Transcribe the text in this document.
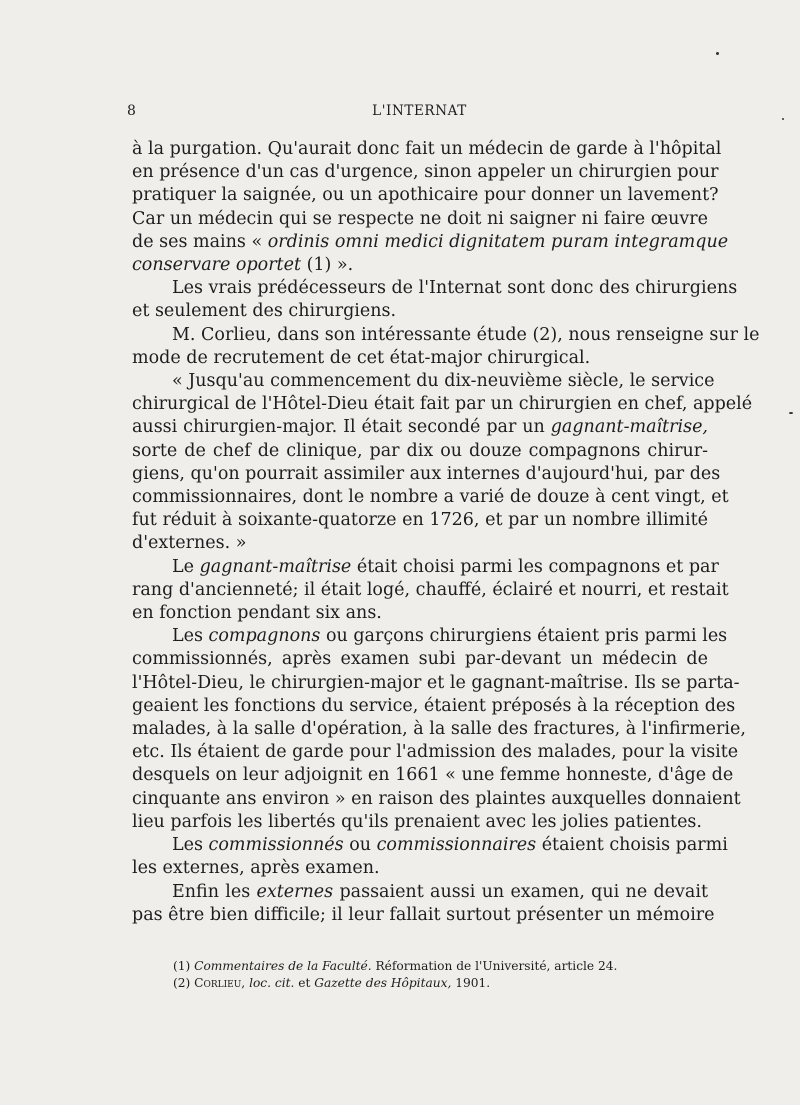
8	L'INTERNAT
à la purgation. Qu'aurait donc fait un médecin de garde à l'hôpital
en présence d'un cas d'urgence, sinon appeler un chirurgien pour
pratiquer la saignée, ou un apothicaire pour donner un lavement?
Car un médecin qui se respecte ne doit ni saigner ni faire œuvre
de ses mains « ordinis omni medici dignitatem puram integramque
conservare oportet (1) ».
Les vrais prédécesseurs de l'Internat sont donc des chirurgiens
et seulement des chirurgiens.
M. Corlieu, dans son intéressante étude (2), nous renseigne sur le
mode de recrutement de cet état-major chirurgical.
« Jusqu'au commencement du dix-neuvième siècle, le service
chirurgical de l'Hôtel-Dieu était fait par un chirurgien en chef, appelé
aussi chirurgien-major. Il était secondé par un gagnant-maîtrise,
sorte de chef de clinique, par dix ou douze compagnons chirur-
giens, qu'on pourrait assimiler aux internes d'aujourd'hui, par des
commissionnaires, dont le nombre a varié de douze à cent vingt, et
fut réduit à soixante-quatorze en 1726, et par un nombre illimité
d'externes. »
Le gagnant-maîtrise était choisi parmi les compagnons et par
rang d'ancienneté; il était logé, chauffé, éclairé et nourri, et restait
en fonction pendant six ans.
Les compagnons ou garçons chirurgiens étaient pris parmi les
commissionnés, après examen subi par-devant un médecin de
l'Hôtel-Dieu, le chirurgien-major et le gagnant-maîtrise. Ils se parta-
geaient les fonctions du service, étaient préposés à la réception des
malades, à la salle d'opération, à la salle des fractures, à l'infirmerie,
etc. Ils étaient de garde pour l'admission des malades, pour la visite
desquels on leur adjoignit en 1661 « une femme honneste, d'âge de
cinquante ans environ » en raison des plaintes auxquelles donnaient
lieu parfois les libertés qu'ils prenaient avec les jolies patientes.
Les commissionnés ou commissionnaires étaient choisis parmi
les externes, après examen.
Enfin les externes passaient aussi un examen, qui ne devait
pas être bien difficile; il leur fallait surtout présenter un mémoire
(1) Commentaires de la Faculté. Réformation de l'Université, article 24.
(2) Corlieu, loc. cit. et Gazette des Hôpitaux, 1901.
